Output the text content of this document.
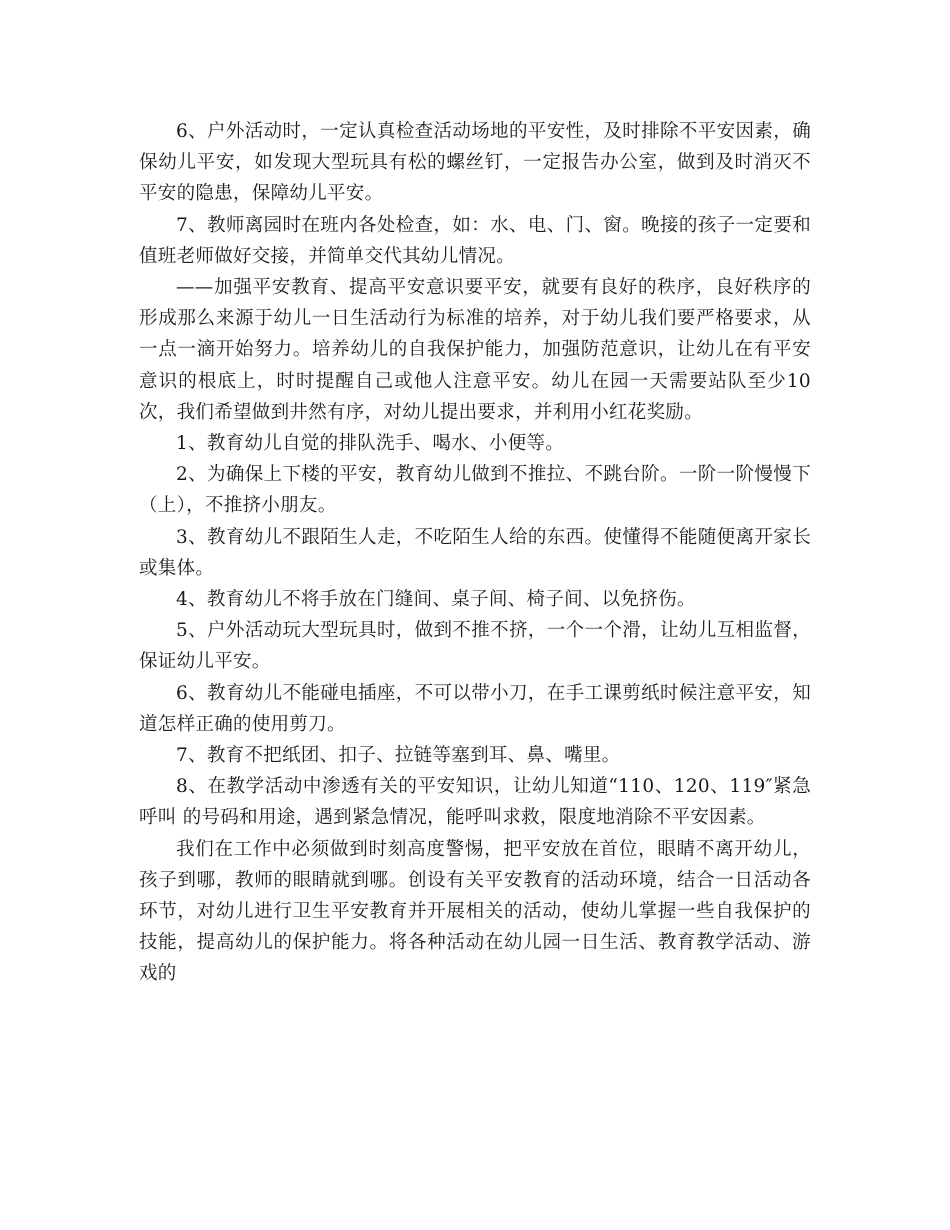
6、户外活动时，一定认真检查活动场地的平安性，及时排除不平安因素，确保幼儿平安，如发现大型玩具有松的螺丝钉，一定报告办公室，做到及时消灭不平安的隐患，保障幼儿平安。

7、教师离园时在班内各处检查，如：水、电、门、窗。晚接的孩子一定要和值班老师做好交接，并简单交代其幼儿情况。

——加强平安教育、提高平安意识要平安，就要有良好的秩序，良好秩序的形成那么来源于幼儿一日生活动行为标准的培养，对于幼儿我们要严格要求，从一点一滴开始努力。培养幼儿的自我保护能力，加强防范意识，让幼儿在有平安意识的根底上，时时提醒自己或他人注意平安。幼儿在园一天需要站队至少10次，我们希望做到井然有序，对幼儿提出要求，并利用小红花奖励。

1、教育幼儿自觉的排队洗手、喝水、小便等。

2、为确保上下楼的平安，教育幼儿做到不推拉、不跳台阶。一阶一阶慢慢下（上），不推挤小朋友。

3、教育幼儿不跟陌生人走，不吃陌生人给的东西。使懂得不能随便离开家长或集体。

4、教育幼儿不将手放在门缝间、桌子间、椅子间、以免挤伤。

5、户外活动玩大型玩具时，做到不推不挤，一个一个滑，让幼儿互相监督，保证幼儿平安。

6、教育幼儿不能碰电插座，不可以带小刀，在手工课剪纸时候注意平安，知道怎样正确的使用剪刀。

7、教育不把纸团、扣子、拉链等塞到耳、鼻、嘴里。

8、在教学活动中渗透有关的平安知识，让幼儿知道“110、120、119″紧急呼叫 的号码和用途，遇到紧急情况，能呼叫求救，限度地消除不平安因素。

我们在工作中必须做到时刻高度警惕，把平安放在首位，眼睛不离开幼儿，孩子到哪，教师的眼睛就到哪。创设有关平安教育的活动环境，结合一日活动各环节，对幼儿进行卫生平安教育并开展相关的活动，使幼儿掌握一些自我保护的技能，提高幼儿的保护能力。将各种活动在幼儿园一日生活、教育教学活动、游戏的
